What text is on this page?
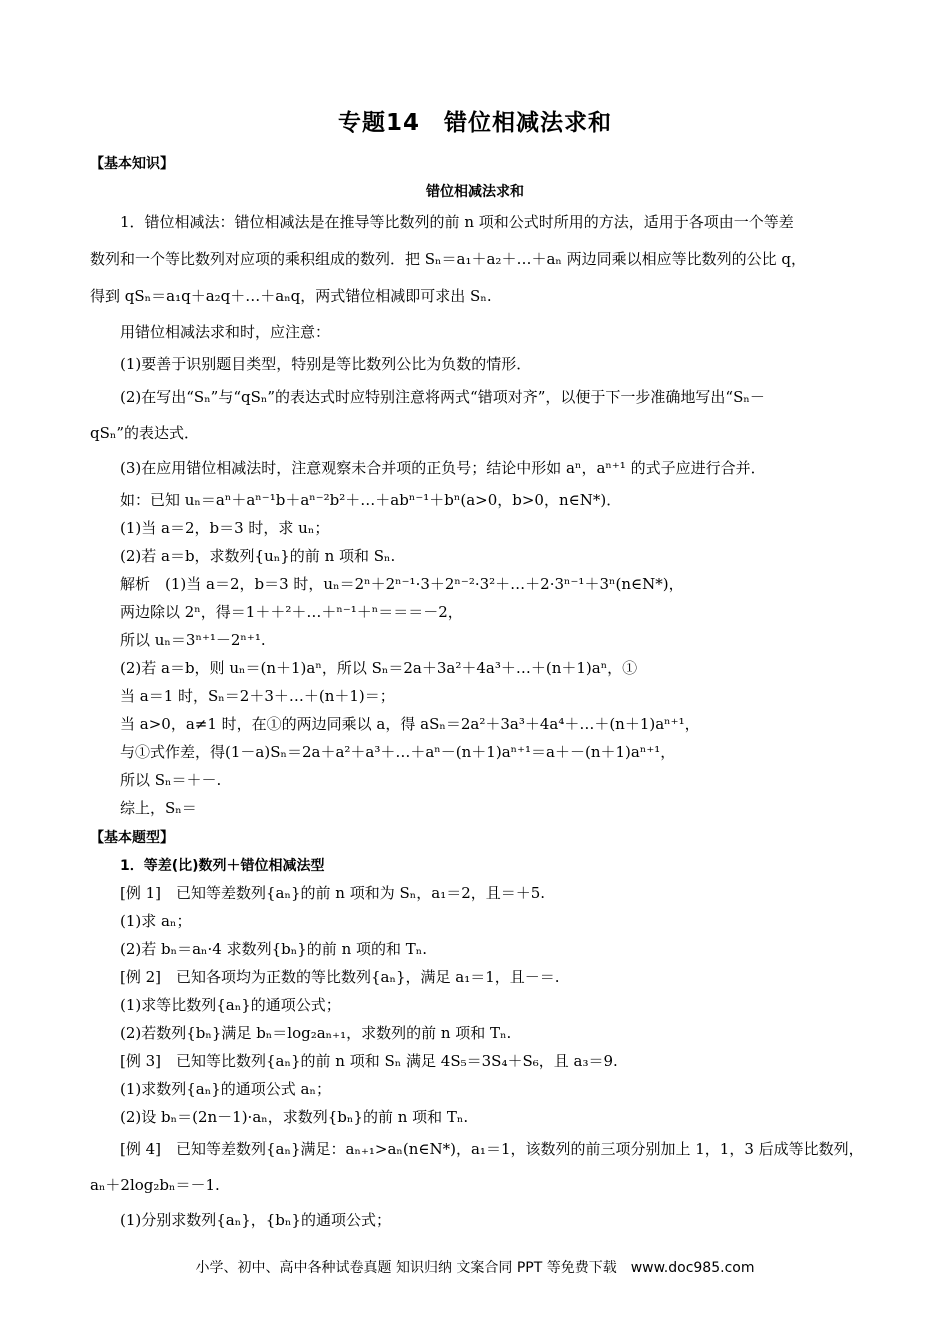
专题14　错位相减法求和
【基本知识】
错位相减法求和
1．错位相减法：错位相减法是在推导等比数列的前 n 项和公式时所用的方法，适用于各项由一个等差
数列和一个等比数列对应项的乘积组成的数列．把 Sₙ＝a₁＋a₂＋…＋aₙ 两边同乘以相应等比数列的公比 q，
得到 qSₙ＝a₁q＋a₂q＋…＋aₙq，两式错位相减即可求出 Sₙ.
用错位相减法求和时，应注意：
(1)要善于识别题目类型，特别是等比数列公比为负数的情形．
(2)在写出“Sₙ”与“qSₙ”的表达式时应特别注意将两式“错项对齐”，以便于下一步准确地写出“Sₙ－
qSₙ”的表达式．
(3)在应用错位相减法时，注意观察未合并项的正负号；结论中形如 aⁿ，aⁿ⁺¹ 的式子应进行合并．
如：已知 uₙ＝aⁿ＋aⁿ⁻¹b＋aⁿ⁻²b²＋…＋abⁿ⁻¹＋bⁿ(a>0，b>0，n∈N*)．
(1)当 a＝2，b＝3 时，求 uₙ；
(2)若 a＝b，求数列{uₙ}的前 n 项和 Sₙ.
解析　(1)当 a＝2，b＝3 时，uₙ＝2ⁿ＋2ⁿ⁻¹·3＋2ⁿ⁻²·3²＋…＋2·3ⁿ⁻¹＋3ⁿ(n∈N*)，
两边除以 2ⁿ，得＝1＋＋²＋…＋ⁿ⁻¹＋ⁿ＝＝＝－2，
所以 uₙ＝3ⁿ⁺¹－2ⁿ⁺¹.
(2)若 a＝b，则 uₙ＝(n＋1)aⁿ，所以 Sₙ＝2a＋3a²＋4a³＋…＋(n＋1)aⁿ，①
当 a＝1 时，Sₙ＝2＋3＋…＋(n＋1)＝；
当 a>0，a≠1 时，在①的两边同乘以 a，得 aSₙ＝2a²＋3a³＋4a⁴＋…＋(n＋1)aⁿ⁺¹，
与①式作差，得(1－a)Sₙ＝2a＋a²＋a³＋…＋aⁿ－(n＋1)aⁿ⁺¹＝a＋－(n＋1)aⁿ⁺¹，
所以 Sₙ＝＋－.
综上，Sₙ＝
【基本题型】
1．等差(比)数列＋错位相减法型
[例 1]　已知等差数列{aₙ}的前 n 项和为 Sₙ，a₁＝2，且＝＋5.
(1)求 aₙ；
(2)若 bₙ＝aₙ·4 求数列{bₙ}的前 n 项的和 Tₙ.
[例 2]　已知各项均为正数的等比数列{aₙ}，满足 a₁＝1，且－＝.
(1)求等比数列{aₙ}的通项公式；
(2)若数列{bₙ}满足 bₙ＝log₂aₙ₊₁，求数列的前 n 项和 Tₙ.
[例 3]　已知等比数列{aₙ}的前 n 项和 Sₙ 满足 4S₅＝3S₄＋S₆，且 a₃＝9.
(1)求数列{aₙ}的通项公式 aₙ；
(2)设 bₙ＝(2n－1)·aₙ，求数列{bₙ}的前 n 项和 Tₙ.
[例 4]　已知等差数列{aₙ}满足：aₙ₊₁>aₙ(n∈N*)，a₁＝1，该数列的前三项分别加上 1，1，3 后成等比数列，
aₙ＋2log₂bₙ＝－1.
(1)分别求数列{aₙ}，{bₙ}的通项公式；
小学、初中、高中各种试卷真题 知识归纳 文案合同 PPT 等免费下载　www.doc985.com
